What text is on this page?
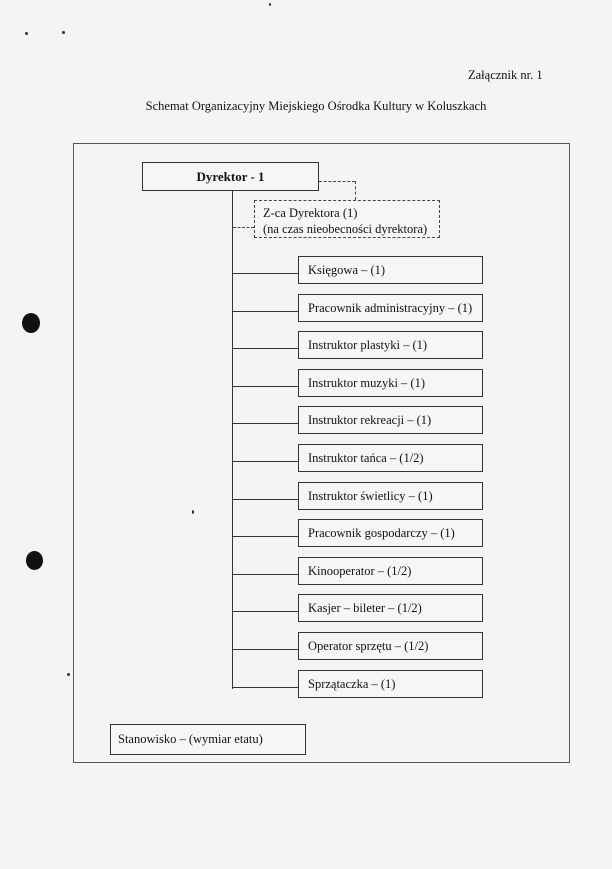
Załącznik nr. 1
Schemat Organizacyjny Miejskiego Ośrodka Kultury w Koluszkach
Dyrektor - 1
Z-ca Dyrektora (1)
(na czas nieobecności dyrektora)
Księgowa – (1)
Pracownik administracyjny – (1)
Instruktor plastyki – (1)
Instruktor muzyki – (1)
Instruktor rekreacji – (1)
Instruktor tańca – (1/2)
Instruktor świetlicy – (1)
Pracownik gospodarczy – (1)
Kinooperator – (1/2)
Kasjer – bileter – (1/2)
Operator sprzętu – (1/2)
Sprzątaczka – (1)
Stanowisko – (wymiar etatu)
